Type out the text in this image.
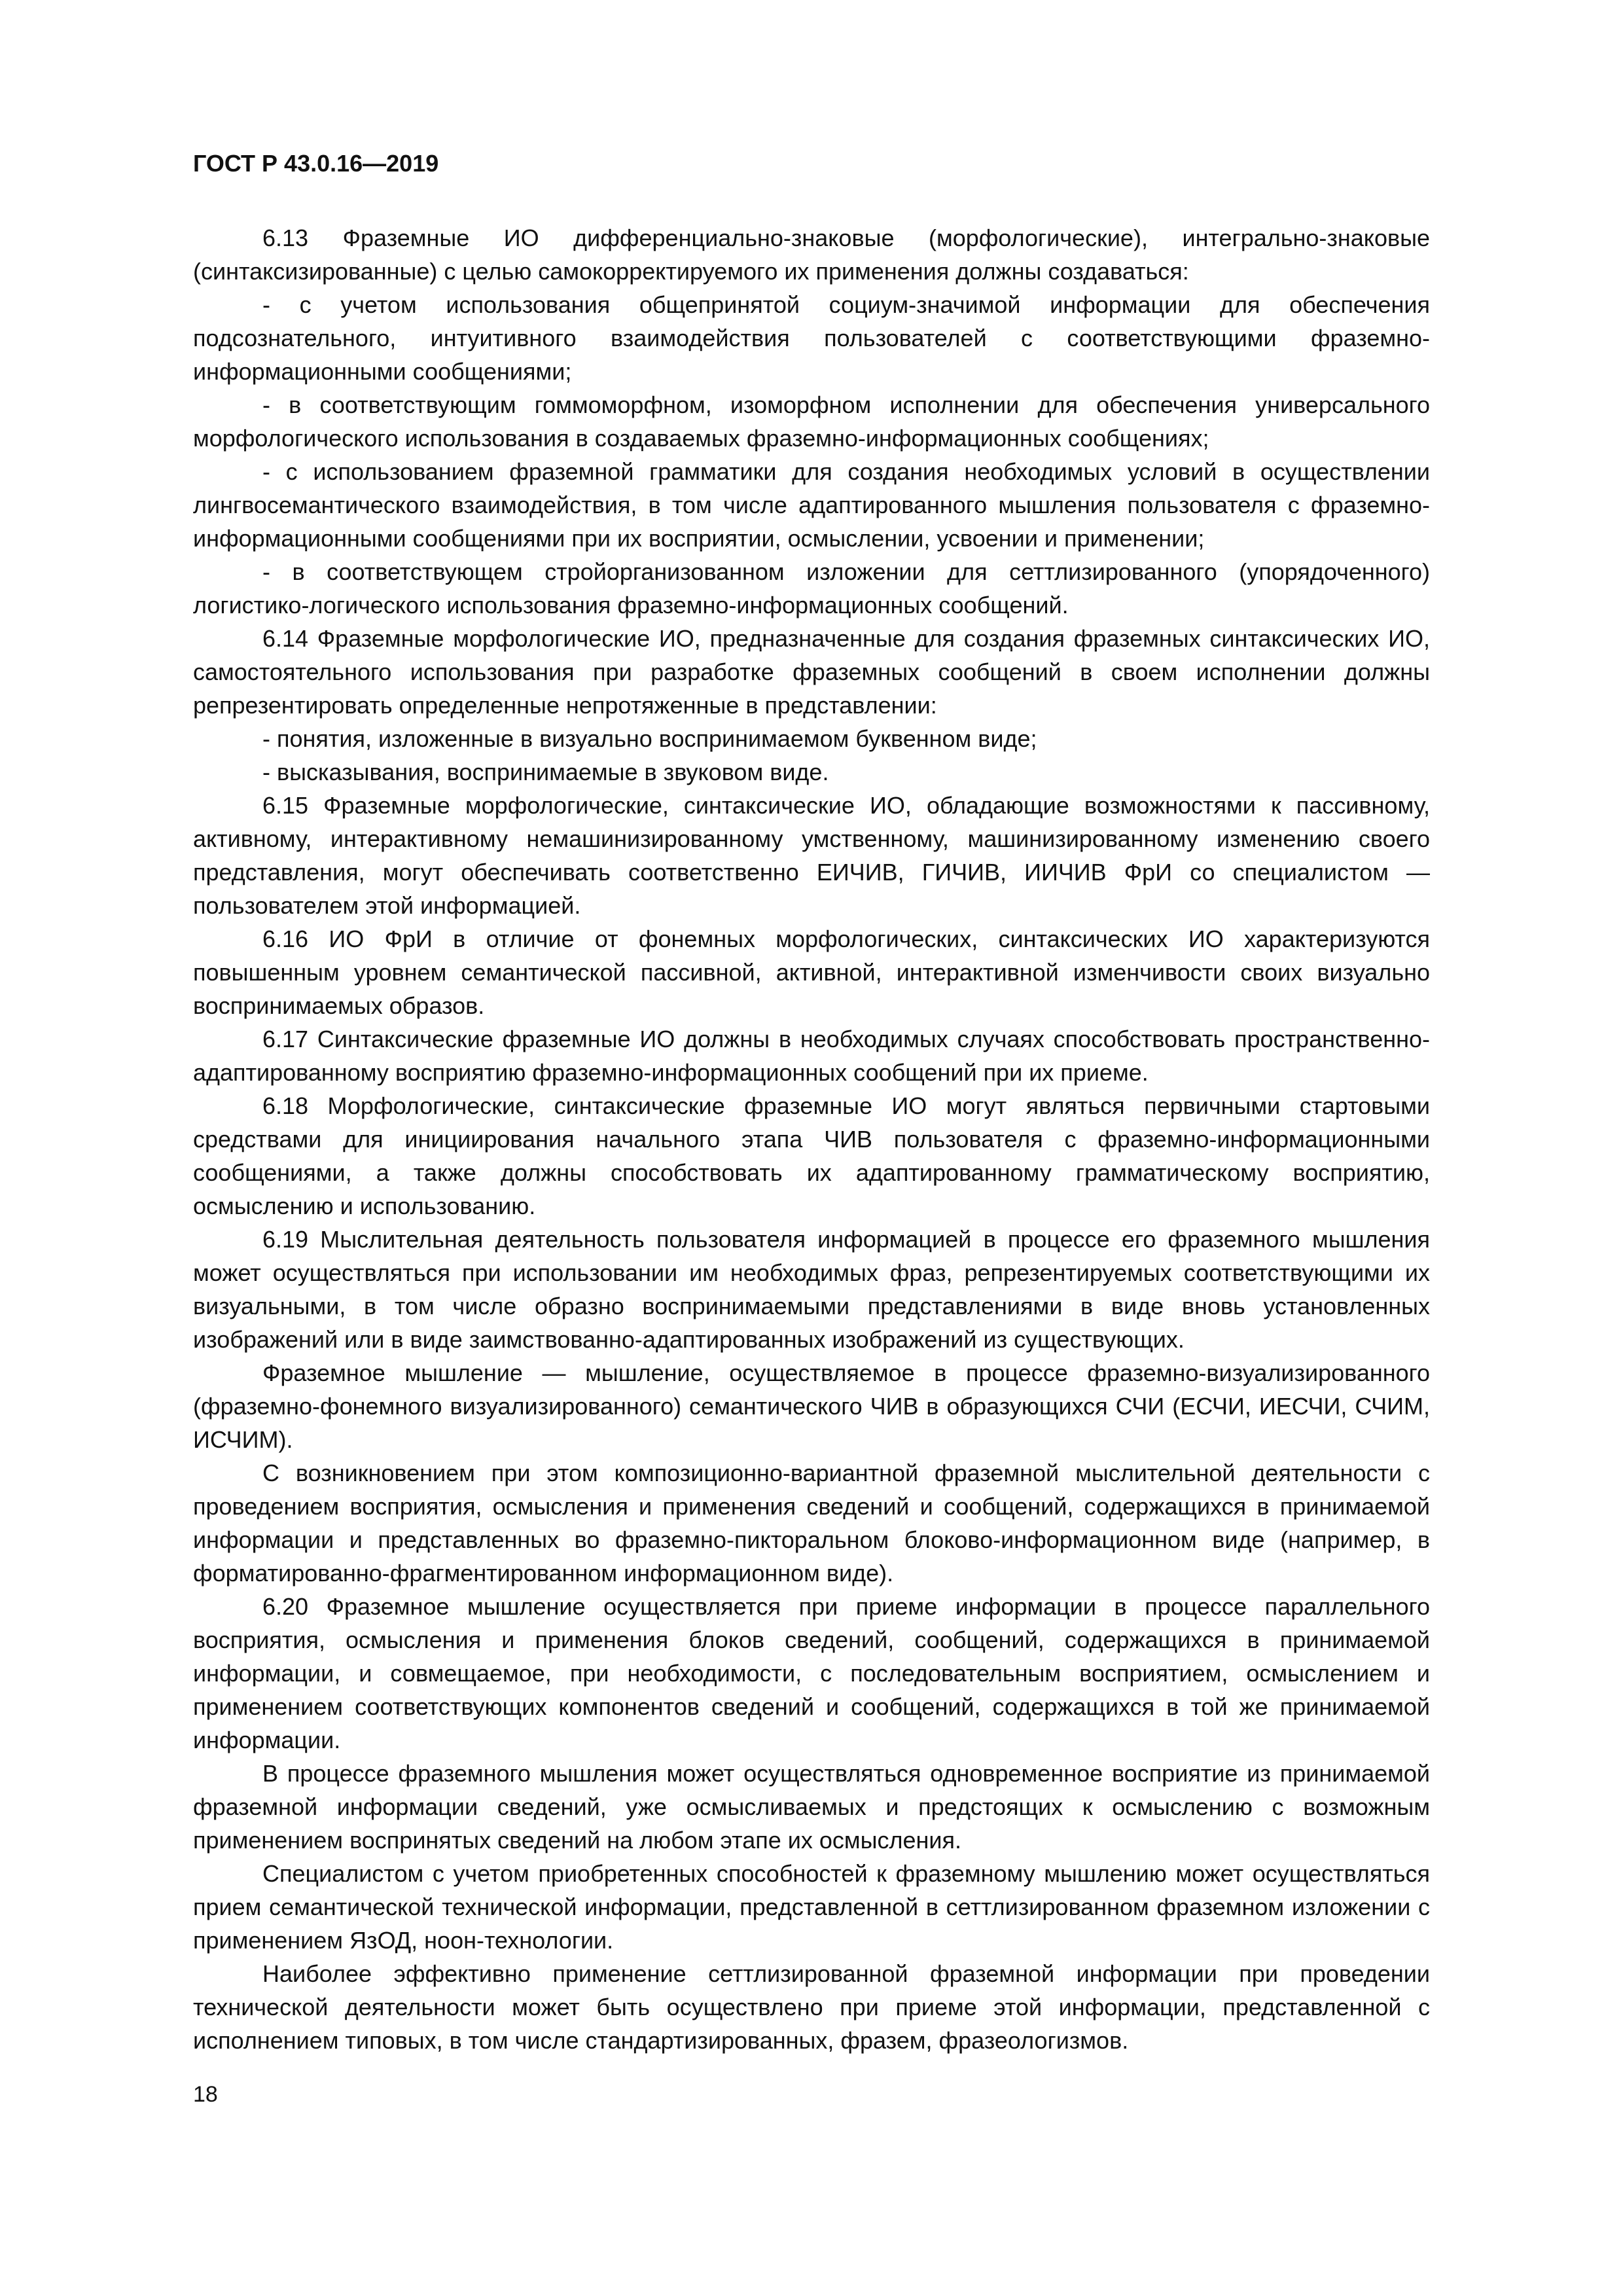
ГОСТ Р 43.0.16—2019

6.13 Фраземные ИО дифференциально-знаковые (морфологические), интегрально-знаковые (синтаксизированные) с целью самокорректируемого их применения должны создаваться:

- с учетом использования общепринятой социум-значимой информации для обеспечения подсознательного, интуитивного взаимодействия пользователей с соответствующими фраземно-информационными сообщениями;

- в соответствующим гоммоморфном, изоморфном исполнении для обеспечения универсального морфологического использования в создаваемых фраземно-информационных сообщениях;

- с использованием фраземной грамматики для создания необходимых условий в осуществлении лингвосемантического взаимодействия, в том числе адаптированного мышления пользователя с фраземно-информационными сообщениями при их восприятии, осмыслении, усвоении и применении;

- в соответствующем стройорганизованном изложении для сеттлизированного (упорядоченного) логистико-логического использования фраземно-информационных сообщений.

6.14 Фраземные морфологические ИО, предназначенные для создания фраземных синтаксических ИО, самостоятельного использования при разработке фраземных сообщений в своем исполнении должны репрезентировать определенные непротяженные в представлении:

- понятия, изложенные в визуально воспринимаемом буквенном виде;

- высказывания, воспринимаемые в звуковом виде.

6.15 Фраземные морфологические, синтаксические ИО, обладающие возможностями к пассивному, активному, интерактивному немашинизированному умственному, машинизированному изменению своего представления, могут обеспечивать соответственно ЕИЧИВ, ГИЧИВ, ИИЧИВ ФрИ со специалистом — пользователем этой информацией.

6.16 ИО ФрИ в отличие от фонемных морфологических, синтаксических ИО характеризуются повышенным уровнем семантической пассивной, активной, интерактивной изменчивости своих визуально воспринимаемых образов.

6.17 Синтаксические фраземные ИО должны в необходимых случаях способствовать пространственно-адаптированному восприятию фраземно-информационных сообщений при их приеме.

6.18 Морфологические, синтаксические фраземные ИО могут являться первичными стартовыми средствами для инициирования начального этапа ЧИВ пользователя с фраземно-информационными сообщениями, а также должны способствовать их адаптированному грамматическому восприятию, осмыслению и использованию.

6.19 Мыслительная деятельность пользователя информацией в процессе его фраземного мышления может осуществляться при использовании им необходимых фраз, репрезентируемых соответствующими их визуальными, в том числе образно воспринимаемыми представлениями в виде вновь установленных изображений или в виде заимствованно-адаптированных изображений из существующих.

Фраземное мышление — мышление, осуществляемое в процессе фраземно-визуализированного (фраземно-фонемного визуализированного) семантического ЧИВ в образующихся СЧИ (ЕСЧИ, ИЕСЧИ, СЧИМ, ИСЧИМ).

С возникновением при этом композиционно-вариантной фраземной мыслительной деятельности с проведением восприятия, осмысления и применения сведений и сообщений, содержащихся в принимаемой информации и представленных во фраземно-пикторальном блоково-информационном виде (например, в форматированно-фрагментированном информационном виде).

6.20 Фраземное мышление осуществляется при приеме информации в процессе параллельного восприятия, осмысления и применения блоков сведений, сообщений, содержащихся в принимаемой информации, и совмещаемое, при необходимости, с последовательным восприятием, осмыслением и применением соответствующих компонентов сведений и сообщений, содержащихся в той же принимаемой информации.

В процессе фраземного мышления может осуществляться одновременное восприятие из принимаемой фраземной информации сведений, уже осмысливаемых и предстоящих к осмыслению с возможным применением воспринятых сведений на любом этапе их осмысления.

Специалистом с учетом приобретенных способностей к фраземному мышлению может осуществляться прием семантической технической информации, представленной в сеттлизированном фраземном изложении с применением ЯзОД, ноон-технологии.

Наиболее эффективно применение сеттлизированной фраземной информации при проведении технической деятельности может быть осуществлено при приеме этой информации, представленной с исполнением типовых, в том числе стандартизированных, фразем, фразеологизмов.

18
